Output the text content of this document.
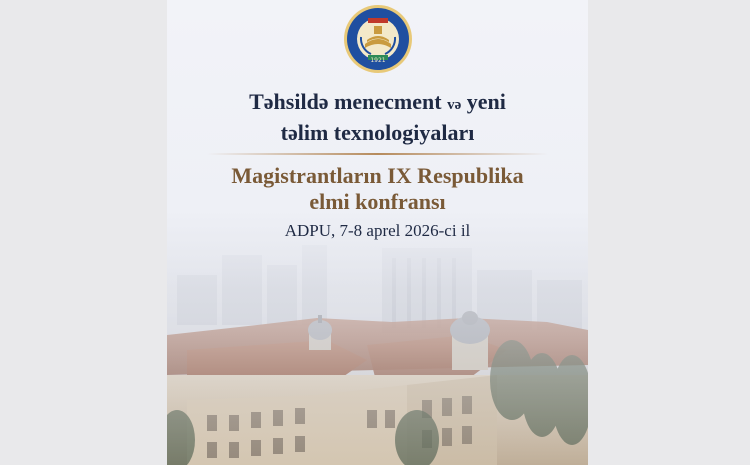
1921
Təhsildə menecment və yeni
təlim texnologiyaları
Magistrantların IX Respublika
elmi konfransı
ADPU, 7-8 aprel 2026-ci il
